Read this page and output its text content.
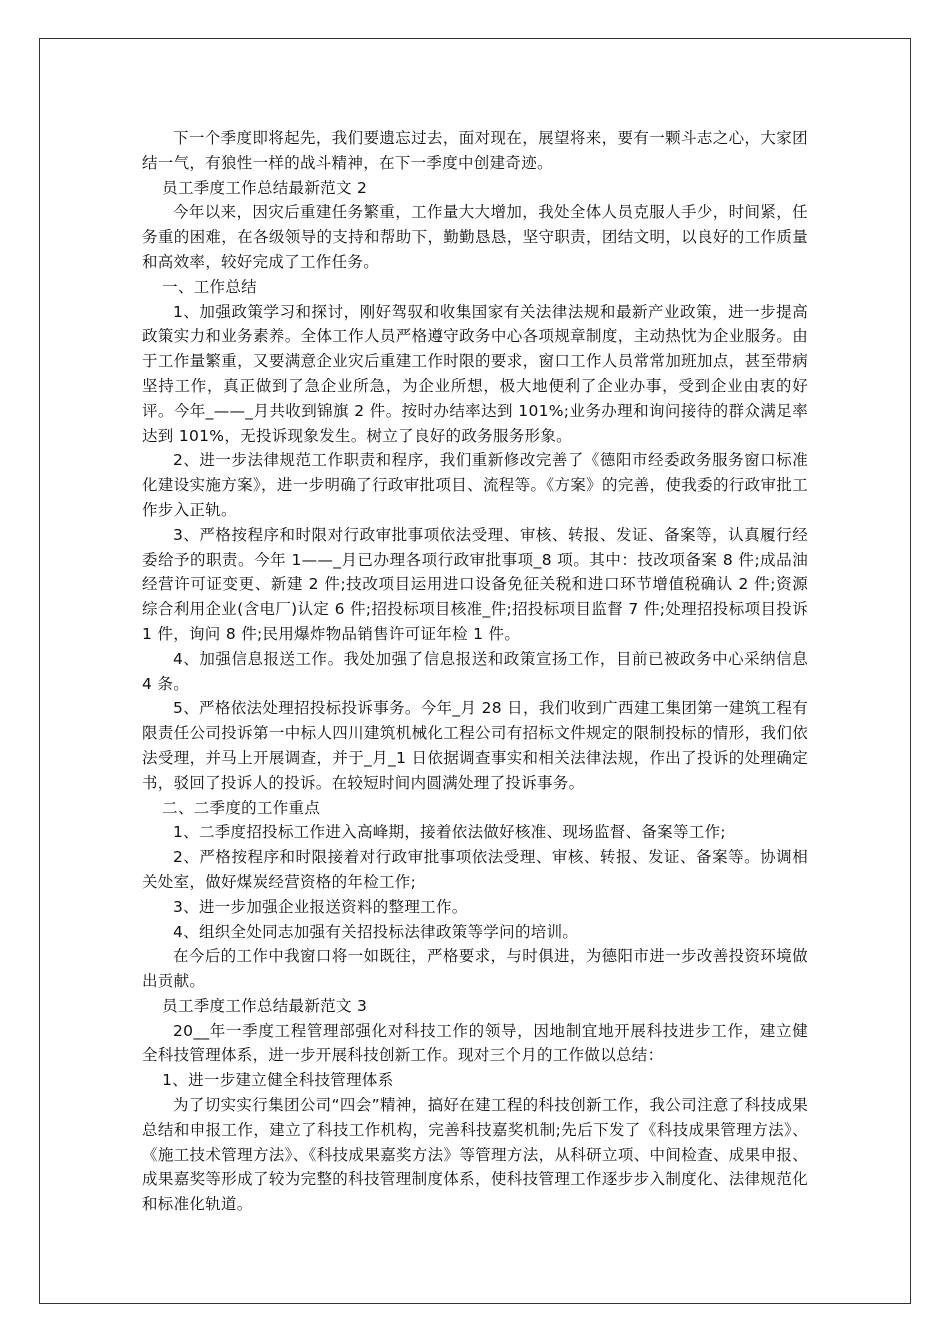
下一个季度即将起先，我们要遗忘过去，面对现在，展望将来，要有一颗斗志之心，大家团结一气，有狼性一样的战斗精神，在下一季度中创建奇迹。

员工季度工作总结最新范文 2

今年以来，因灾后重建任务繁重，工作量大大增加，我处全体人员克服人手少，时间紧，任务重的困难，在各级领导的支持和帮助下，勤勤恳恳，坚守职责，团结文明，以良好的工作质量和高效率，较好完成了工作任务。

一、工作总结

1、加强政策学习和探讨，刚好驾驭和收集国家有关法律法规和最新产业政策，进一步提高政策实力和业务素养。全体工作人员严格遵守政务中心各项规章制度，主动热忱为企业服务。由于工作量繁重，又要满意企业灾后重建工作时限的要求，窗口工作人员常常加班加点，甚至带病坚持工作，真正做到了急企业所急，为企业所想，极大地便利了企业办事，受到企业由衷的好评。今年_——_月共收到锦旗 2 件。按时办结率达到 101%;业务办理和询问接待的群众满足率达到 101%，无投诉现象发生。树立了良好的政务服务形象。

2、进一步法律规范工作职责和程序，我们重新修改完善了《德阳市经委政务服务窗口标准化建设实施方案》，进一步明确了行政审批项目、流程等。《方案》的完善，使我委的行政审批工作步入正轨。

3、严格按程序和时限对行政审批事项依法受理、审核、转报、发证、备案等，认真履行经委给予的职责。今年 1——_月已办理各项行政审批事项_8 项。其中：技改项备案 8 件;成品油经营许可证变更、新建 2 件;技改项目运用进口设备免征关税和进口环节增值税确认 2 件;资源综合利用企业(含电厂)认定 6 件;招投标项目核准_件;招投标项目监督 7 件;处理招投标项目投诉 1 件，询问 8 件;民用爆炸物品销售许可证年检 1 件。

4、加强信息报送工作。我处加强了信息报送和政策宣扬工作，目前已被政务中心采纳信息 4 条。

5、严格依法处理招投标投诉事务。今年_月 28 日，我们收到广西建工集团第一建筑工程有限责任公司投诉第一中标人四川建筑机械化工程公司有招标文件规定的限制投标的情形，我们依法受理，并马上开展调查，并于_月_1 日依据调查事实和相关法律法规，作出了投诉的处理确定书，驳回了投诉人的投诉。在较短时间内圆满处理了投诉事务。

二、二季度的工作重点

1、二季度招投标工作进入高峰期，接着依法做好核准、现场监督、备案等工作;

2、严格按程序和时限接着对行政审批事项依法受理、审核、转报、发证、备案等。协调相关处室，做好煤炭经营资格的年检工作;

3、进一步加强企业报送资料的整理工作。

4、组织全处同志加强有关招投标法律政策等学问的培训。

在今后的工作中我窗口将一如既往，严格要求，与时俱进，为德阳市进一步改善投资环境做出贡献。

员工季度工作总结最新范文 3

20__年一季度工程管理部强化对科技工作的领导，因地制宜地开展科技进步工作，建立健全科技管理体系，进一步开展科技创新工作。现对三个月的工作做以总结：

1、进一步建立健全科技管理体系

为了切实实行集团公司“四会”精神，搞好在建工程的科技创新工作，我公司注意了科技成果总结和申报工作，建立了科技工作机构，完善科技嘉奖机制;先后下发了《科技成果管理方法》、《施工技术管理方法》、《科技成果嘉奖方法》等管理方法，从科研立项、中间检查、成果申报、成果嘉奖等形成了较为完整的科技管理制度体系，使科技管理工作逐步步入制度化、法律规范化和标准化轨道。
